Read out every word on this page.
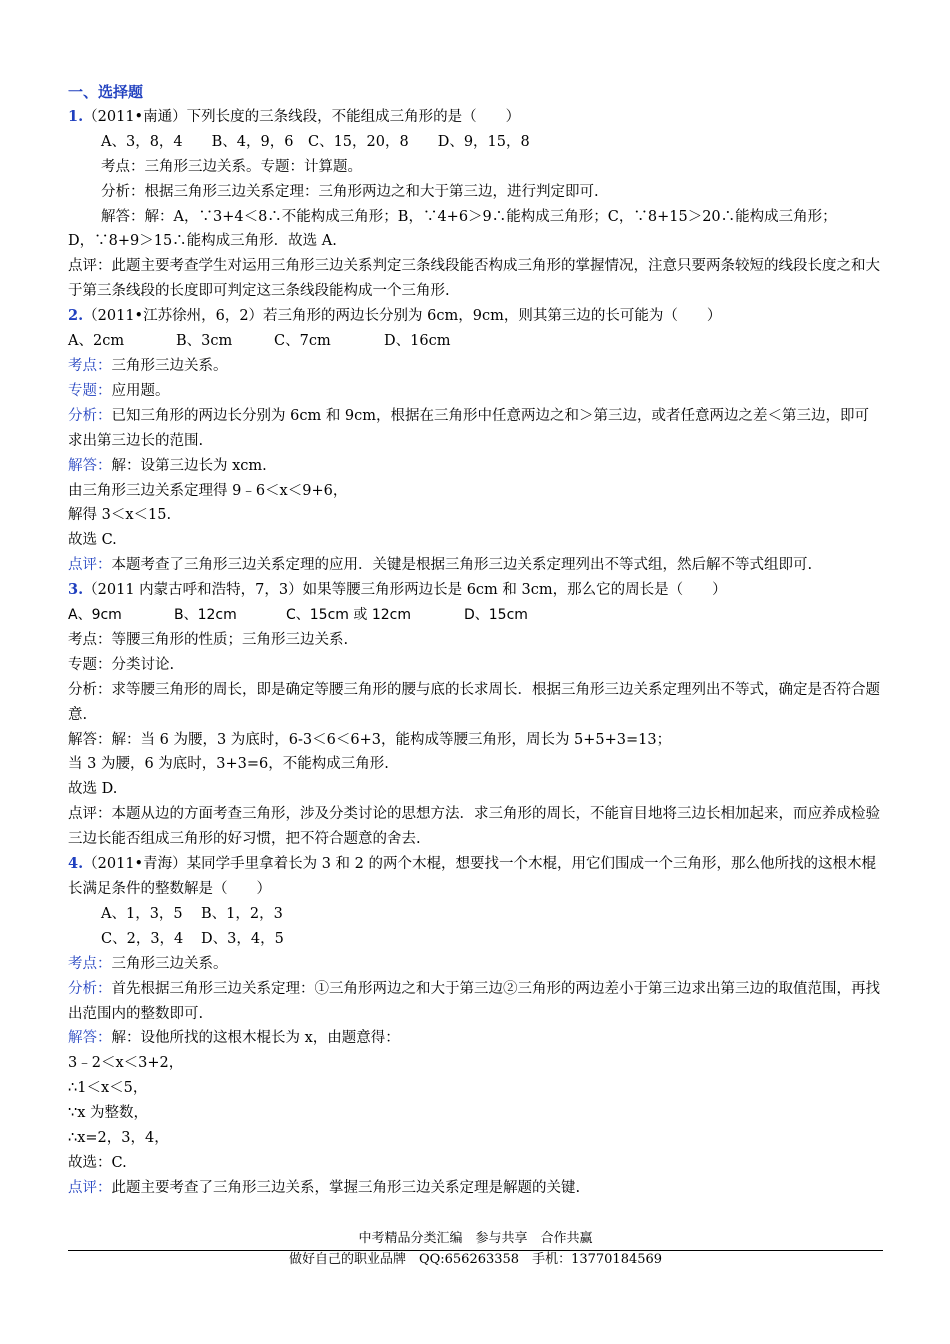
一、选择题
1.（2011•南通）下列长度的三条线段，不能组成三角形的是（　　）
A、3，8，4　　B、4，9，6　C、15，20，8　　D、9，15，8
考点：三角形三边关系。专题：计算题。
分析：根据三角形三边关系定理：三角形两边之和大于第三边，进行判定即可.
解答：解：A，∵3+4＜8∴不能构成三角形；B，∵4+6＞9∴能构成三角形；C，∵8+15＞20∴能构成三角形；
D，∵8+9＞15∴能构成三角形．故选 A.
点评：此题主要考查学生对运用三角形三边关系判定三条线段能否构成三角形的掌握情况，注意只要两条较短的线段长度之和大于第三条线段的长度即可判定这三条线段能构成一个三角形.
2.（2011•江苏徐州，6，2）若三角形的两边长分别为 6cm，9cm，则其第三边的长可能为（　　）
A、2cm	B、3cm	C、7cm	D、16cm
考点：三角形三边关系。
专题：应用题。
分析：已知三角形的两边长分别为 6cm 和 9cm，根据在三角形中任意两边之和＞第三边，或者任意两边之差＜第三边，即可求出第三边长的范围.
解答：解：设第三边长为 xcm.
由三角形三边关系定理得 9﹣6＜x＜9+6，
解得 3＜x＜15.
故选 C.
点评：本题考查了三角形三边关系定理的应用．关键是根据三角形三边关系定理列出不等式组，然后解不等式组即可.
3.（2011 内蒙古呼和浩特，7，3）如果等腰三角形两边长是 6cm 和 3cm，那么它的周长是（　　）
A、9cm	B、12cm	C、15cm 或 12cm	D、15cm
考点：等腰三角形的性质；三角形三边关系.
专题：分类讨论.
分析：求等腰三角形的周长，即是确定等腰三角形的腰与底的长求周长．根据三角形三边关系定理列出不等式，确定是否符合题意.
解答：解：当 6 为腰，3 为底时，6-3＜6＜6+3，能构成等腰三角形，周长为 5+5+3=13；
当 3 为腰，6 为底时，3+3=6，不能构成三角形.
故选 D.
点评：本题从边的方面考查三角形，涉及分类讨论的思想方法．求三角形的周长，不能盲目地将三边长相加起来，而应养成检验三边长能否组成三角形的好习惯，把不符合题意的舍去.
4.（2011•青海）某同学手里拿着长为 3 和 2 的两个木棍，想要找一个木棍，用它们围成一个三角形，那么他所找的这根木棍长满足条件的整数解是（　　）
A、1，3，5 B、1，2，3
C、2，3，4 D、3，4，5
考点：三角形三边关系。
分析：首先根据三角形三边关系定理：①三角形两边之和大于第三边②三角形的两边差小于第三边求出第三边的取值范围，再找出范围内的整数即可.
解答：解：设他所找的这根木棍长为 x，由题意得：
3﹣2＜x＜3+2，
∴1＜x＜5，
∵x 为整数，
∴x=2，3，4，
故选：C.
点评：此题主要考查了三角形三边关系，掌握三角形三边关系定理是解题的关键.
中考精品分类汇编　参与共享　合作共赢
做好自己的职业品牌　QQ:656263358　手机：13770184569
